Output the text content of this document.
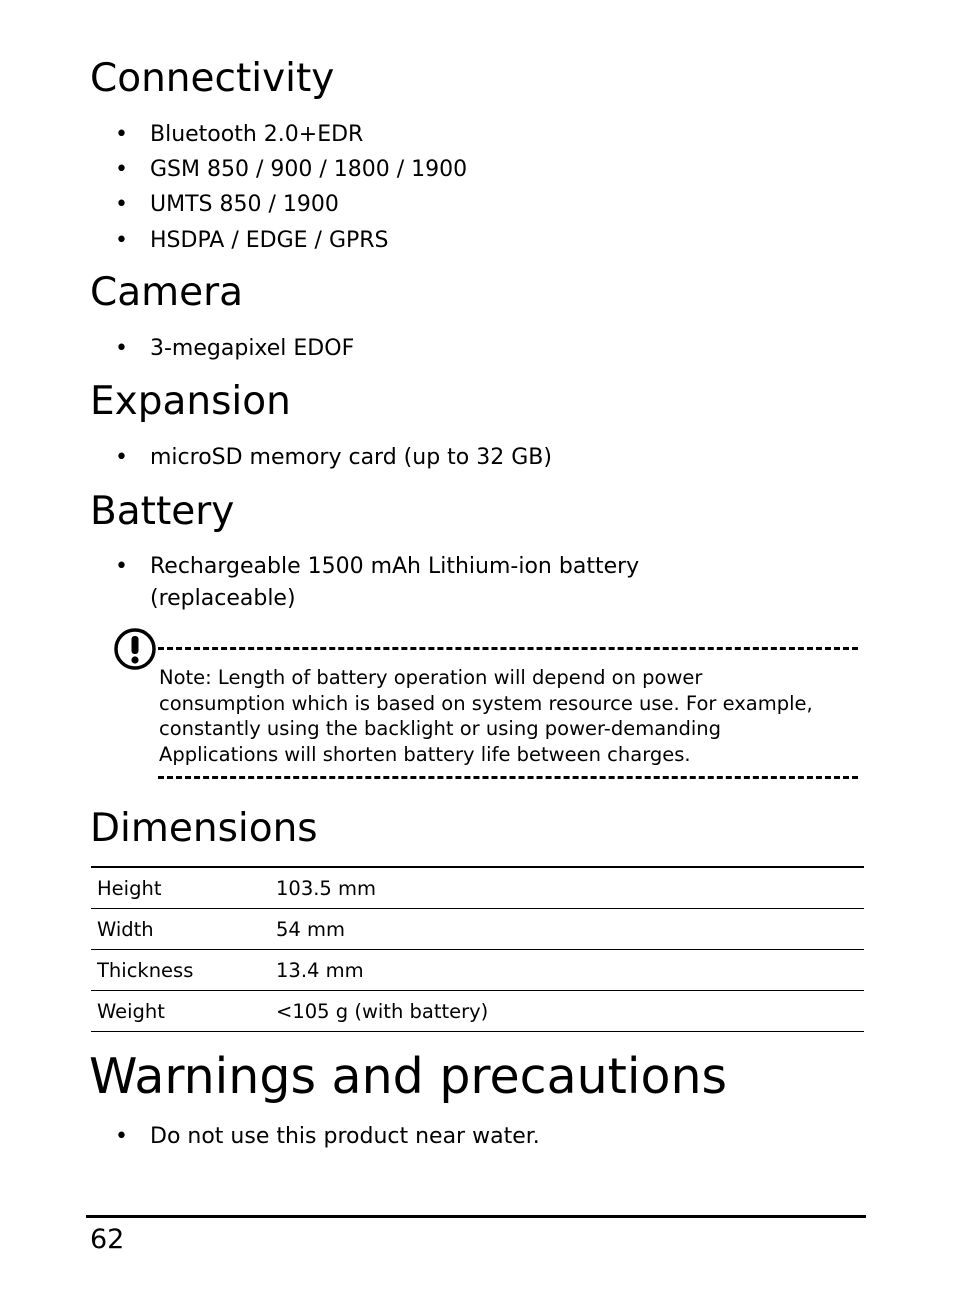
Connectivity
• Bluetooth 2.0+EDR
• GSM 850 / 900 / 1800 / 1900
• UMTS 850 / 1900
• HSDPA / EDGE / GPRS
Camera
• 3-megapixel EDOF
Expansion
• microSD memory card (up to 32 GB)
Battery
• Rechargeable 1500 mAh Lithium-ion battery
(replaceable)
Note: Length of battery operation will depend on power
consumption which is based on system resource use. For example,
constantly using the backlight or using power-demanding
Applications will shorten battery life between charges.
Dimensions
Height	103.5 mm
Width	54 mm
Thickness	13.4 mm
Weight	<105 g (with battery)
Warnings and precautions
• Do not use this product near water.
62
